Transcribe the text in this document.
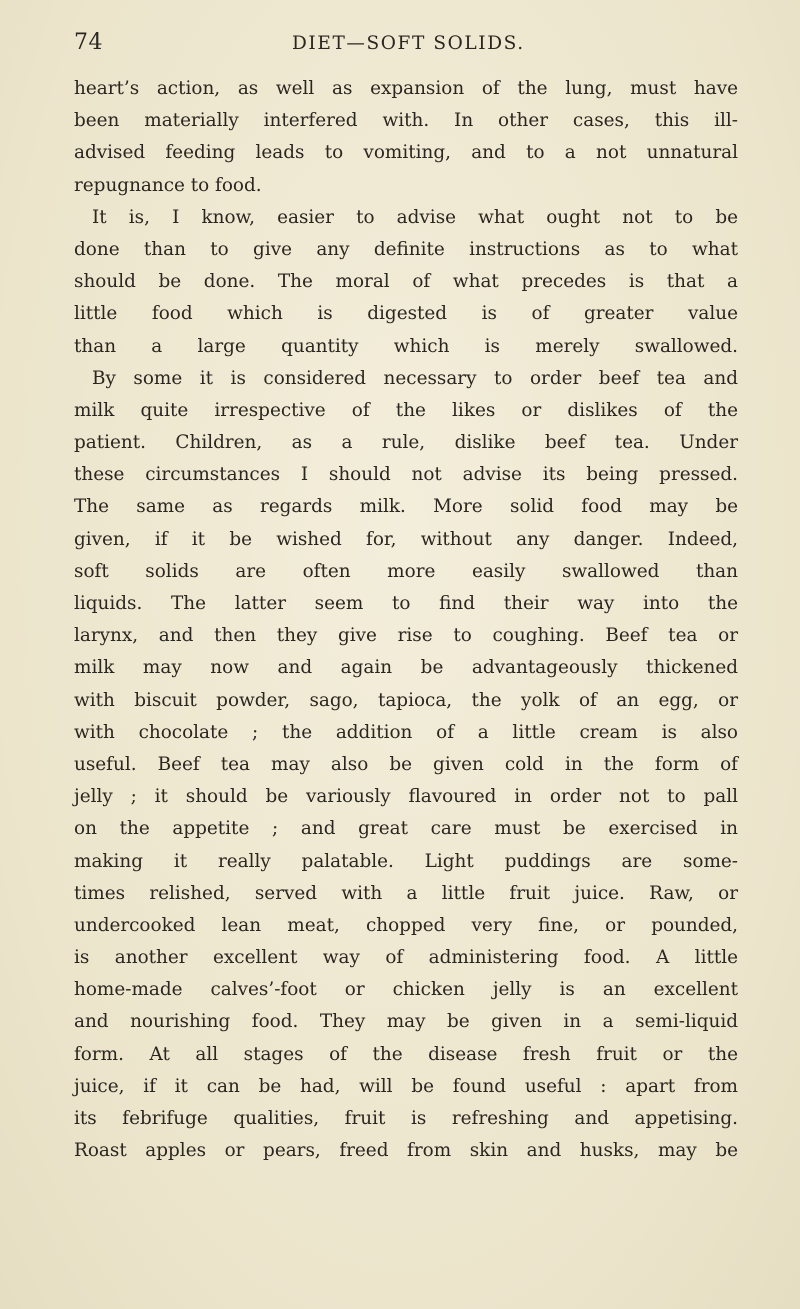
74	DIET—SOFT SOLIDS.
heart’s action, as well as expansion of the lung, must have
been materially interfered with. In other cases, this ill-
advised feeding leads to vomiting, and to a not unnatural
repugnance to food.
It is, I know, easier to advise what ought not to be
done than to give any definite instructions as to what
should be done. The moral of what precedes is that a
little food which is digested is of greater value
than a large quantity which is merely swallowed.
By some it is considered necessary to order beef tea and
milk quite irrespective of the likes or dislikes of the
patient. Children, as a rule, dislike beef tea. Under
these circumstances I should not advise its being pressed.
The same as regards milk. More solid food may be
given, if it be wished for, without any danger. Indeed,
soft solids are often more easily swallowed than
liquids. The latter seem to find their way into the
larynx, and then they give rise to coughing. Beef tea or
milk may now and again be advantageously thickened
with biscuit powder, sago, tapioca, the yolk of an egg, or
with chocolate ; the addition of a little cream is also
useful. Beef tea may also be given cold in the form of
jelly ; it should be variously flavoured in order not to pall
on the appetite ; and great care must be exercised in
making it really palatable. Light puddings are some-
times relished, served with a little fruit juice. Raw, or
undercooked lean meat, chopped very fine, or pounded,
is another excellent way of administering food. A little
home-made calves’-foot or chicken jelly is an excellent
and nourishing food. They may be given in a semi-liquid
form. At all stages of the disease fresh fruit or the
juice, if it can be had, will be found useful : apart from
its febrifuge qualities, fruit is refreshing and appetising.
Roast apples or pears, freed from skin and husks, may be
